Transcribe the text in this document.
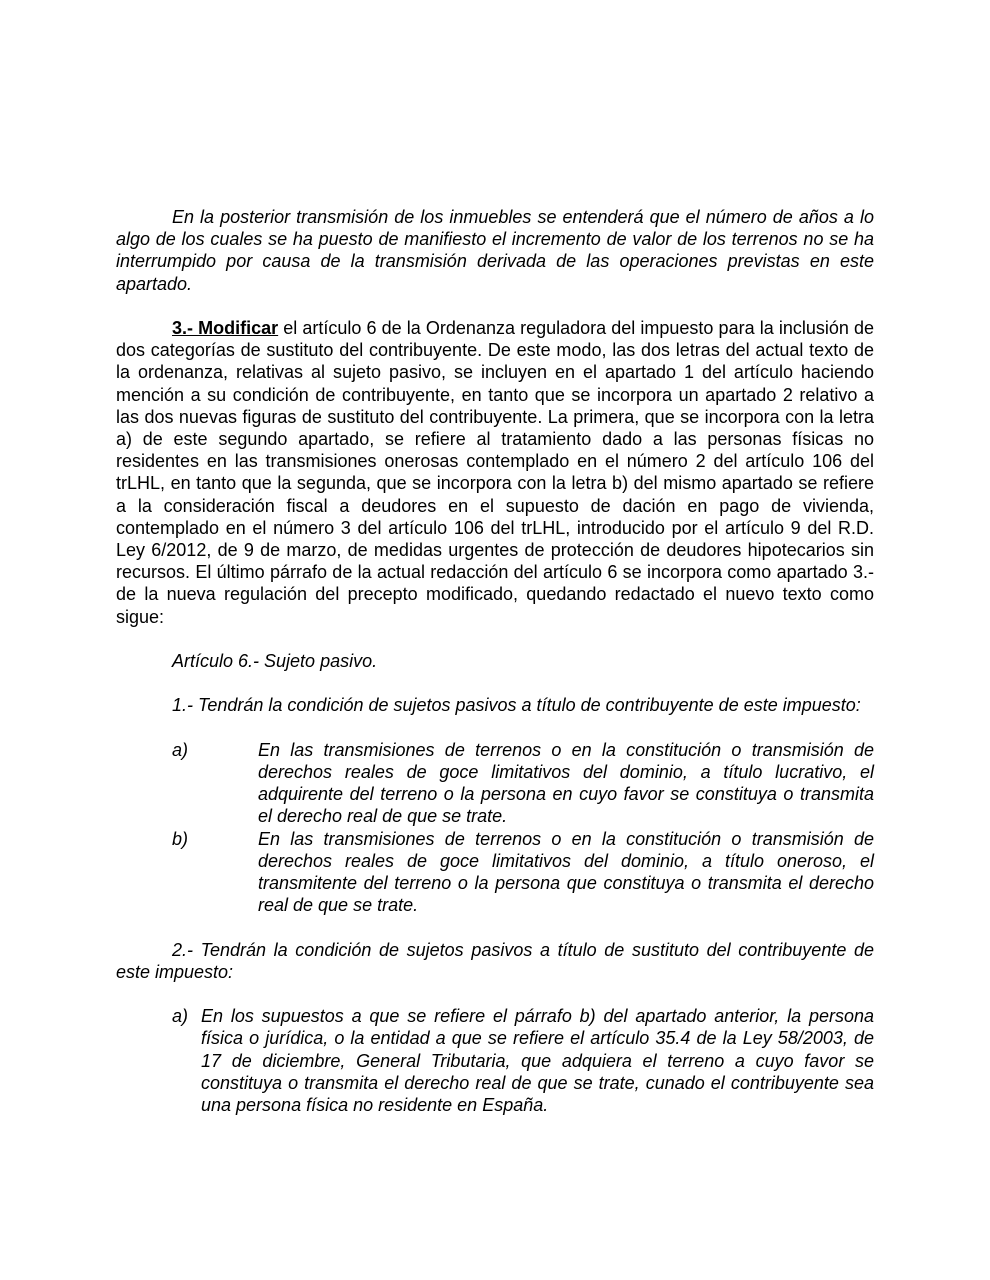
En la posterior transmisión de los inmuebles se entenderá que el número de años a lo algo de los cuales se ha puesto de manifiesto el incremento de valor de los terrenos no se ha interrumpido por causa de la transmisión derivada de las operaciones previstas en este apartado.

3.- Modificar el artículo 6 de la Ordenanza reguladora del impuesto para la inclusión de dos categorías de sustituto del contribuyente. De este modo, las dos letras del actual texto de la ordenanza, relativas al sujeto pasivo, se incluyen en el apartado 1 del artículo haciendo mención a su condición de contribuyente, en tanto que se incorpora un apartado 2 relativo a las dos nuevas figuras de sustituto del contribuyente. La primera, que se incorpora con la letra a) de este segundo apartado, se refiere al tratamiento dado a las personas físicas no residentes en las transmisiones onerosas contemplado en el número 2 del artículo 106 del trLHL, en tanto que la segunda, que se incorpora con la letra b) del mismo apartado se refiere a la consideración fiscal a deudores en el supuesto de dación en pago de vivienda, contemplado en el número 3 del artículo 106 del trLHL, introducido por el artículo 9 del R.D. Ley 6/2012, de 9 de marzo, de medidas urgentes de protección de deudores hipotecarios sin recursos. El último párrafo de la actual redacción del artículo 6 se incorpora como apartado 3.- de la nueva regulación del precepto modificado, quedando redactado el nuevo texto como sigue:

Artículo 6.- Sujeto pasivo.

1.- Tendrán la condición de sujetos pasivos a título de contribuyente de este impuesto:

a)	En las transmisiones de terrenos o en la constitución o transmisión de derechos reales de goce limitativos del dominio, a título lucrativo, el adquirente del terreno o la persona en cuyo favor se constituya o transmita el derecho real de que se trate.
b)	En las transmisiones de terrenos o en la constitución o transmisión de derechos reales de goce limitativos del dominio, a título oneroso, el transmitente del terreno o la persona que constituya o transmita el derecho real de que se trate.

2.- Tendrán la condición de sujetos pasivos a título de sustituto del contribuyente de este impuesto:

a) En los supuestos a que se refiere el párrafo b) del apartado anterior, la persona física o jurídica, o la entidad a que se refiere el artículo 35.4 de la Ley 58/2003, de 17 de diciembre, General Tributaria, que adquiera el terreno a cuyo favor se constituya o transmita el derecho real de que se trate, cunado el contribuyente sea una persona física no residente en España.
